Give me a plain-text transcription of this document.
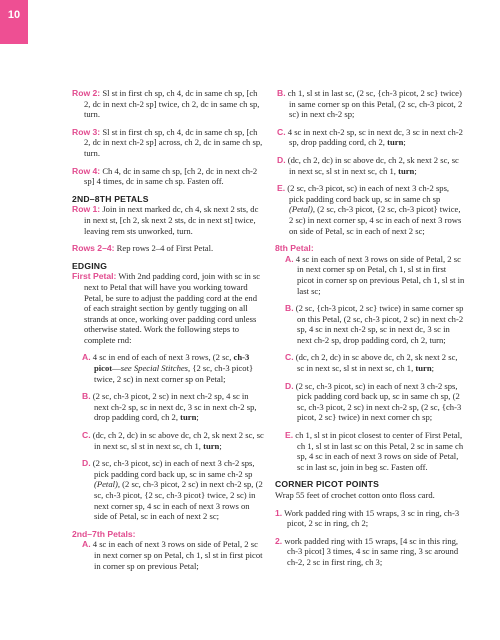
10
Row 2: Sl st in first ch sp, ch 4, dc in same ch sp, [ch 2, dc in next ch-2 sp] twice, ch 2, dc in same ch sp, turn.
Row 3: Sl st in first ch sp, ch 4, dc in same ch sp, [ch 2, dc in next ch-2 sp] across, ch 2, dc in same ch sp, turn.
Row 4: Ch 4, dc in same ch sp, [ch 2, dc in next ch-2 sp] 4 times, dc in same ch sp. Fasten off.
2ND–8TH PETALS
Row 1: Join in next marked dc, ch 4, sk next 2 sts, dc in next st, [ch 2, sk next 2 sts, dc in next st] twice, leaving rem sts unworked, turn.
Rows 2–4: Rep rows 2–4 of First Petal.
EDGING
First Petal: With 2nd padding cord, join with sc in sc next to Petal that will have you working toward Petal, be sure to adjust the padding cord at the end of each straight section by gently tugging on all strands at once, working over padding cord unless otherwise stated. Work the following steps to complete rnd:
A. 4 sc in end of each of next 3 rows, (2 sc, ch-3 picot—see Special Stitches, {2 sc, ch-3 picot} twice, 2 sc) in next corner sp on Petal;
B. (2 sc, ch-3 picot, 2 sc) in next ch-2 sp, 4 sc in next ch-2 sp, sc in next dc, 3 sc in next ch-2 sp, drop padding cord, ch 2, turn;
C. (dc, ch 2, dc) in sc above dc, ch 2, sk next 2 sc, sc in next sc, sl st in next sc, ch 1, turn;
D. (2 sc, ch-3 picot, sc) in each of next 3 ch-2 sps, pick padding cord back up, sc in same ch-2 sp (Petal), (2 sc, ch-3 picot, 2 sc) in next ch-2 sp, (2 sc, ch-3 picot, {2 sc, ch-3 picot} twice, 2 sc) in next corner sp, 4 sc in each of next 3 rows on side of Petal, sc in each of next 2 sc;
2nd–7th Petals:
A. 4 sc in each of next 3 rows on side of Petal, 2 sc in next corner sp on Petal, ch 1, sl st in first picot in corner sp on previous Petal;
B. ch 1, sl st in last sc, (2 sc, {ch-3 picot, 2 sc} twice) in same corner sp on this Petal, (2 sc, ch-3 picot, 2 sc) in next ch-2 sp;
C. 4 sc in next ch-2 sp, sc in next dc, 3 sc in next ch-2 sp, drop padding cord, ch 2, turn;
D. (dc, ch 2, dc) in sc above dc, ch 2, sk next 2 sc, sc in next sc, sl st in next sc, ch 1, turn;
E. (2 sc, ch-3 picot, sc) in each of next 3 ch-2 sps, pick padding cord back up, sc in same ch sp (Petal), (2 sc, ch-3 picot, {2 sc, ch-3 picot} twice, 2 sc) in next corner sp, 4 sc in each of next 3 rows on side of Petal, sc in each of next 2 sc;
8th Petal:
A. 4 sc in each of next 3 rows on side of Petal, 2 sc in next corner sp on Petal, ch 1, sl st in first picot in corner sp on previous Petal, ch 1, sl st in last sc;
B. (2 sc, {ch-3 picot, 2 sc} twice) in same corner sp on this Petal, (2 sc, ch-3 picot, 2 sc) in next ch-2 sp, 4 sc in next ch-2 sp, sc in next dc, 3 sc in next ch-2 sp, drop padding cord, ch 2, turn;
C. (dc, ch 2, dc) in sc above dc, ch 2, sk next 2 sc, sc in next sc, sl st in next sc, ch 1, turn;
D. (2 sc, ch-3 picot, sc) in each of next 3 ch-2 sps, pick padding cord back up, sc in same ch sp, (2 sc, ch-3 picot, 2 sc) in next ch-2 sp, (2 sc, {ch-3 picot, 2 sc} twice) in next corner ch sp;
E. ch 1, sl st in picot closest to center of First Petal, ch 1, sl st in last sc on this Petal, 2 sc in same ch sp, 4 sc in each of next 3 rows on side of Petal, sc in last sc, join in beg sc. Fasten off.
CORNER PICOT POINTS
Wrap 55 feet of crochet cotton onto floss card.
1. Work padded ring with 15 wraps, 3 sc in ring, ch-3 picot, 2 sc in ring, ch 2;
2. work padded ring with 15 wraps, [4 sc in this ring, ch-3 picot] 3 times, 4 sc in same ring, 3 sc around ch-2, 2 sc in first ring, ch 3;
